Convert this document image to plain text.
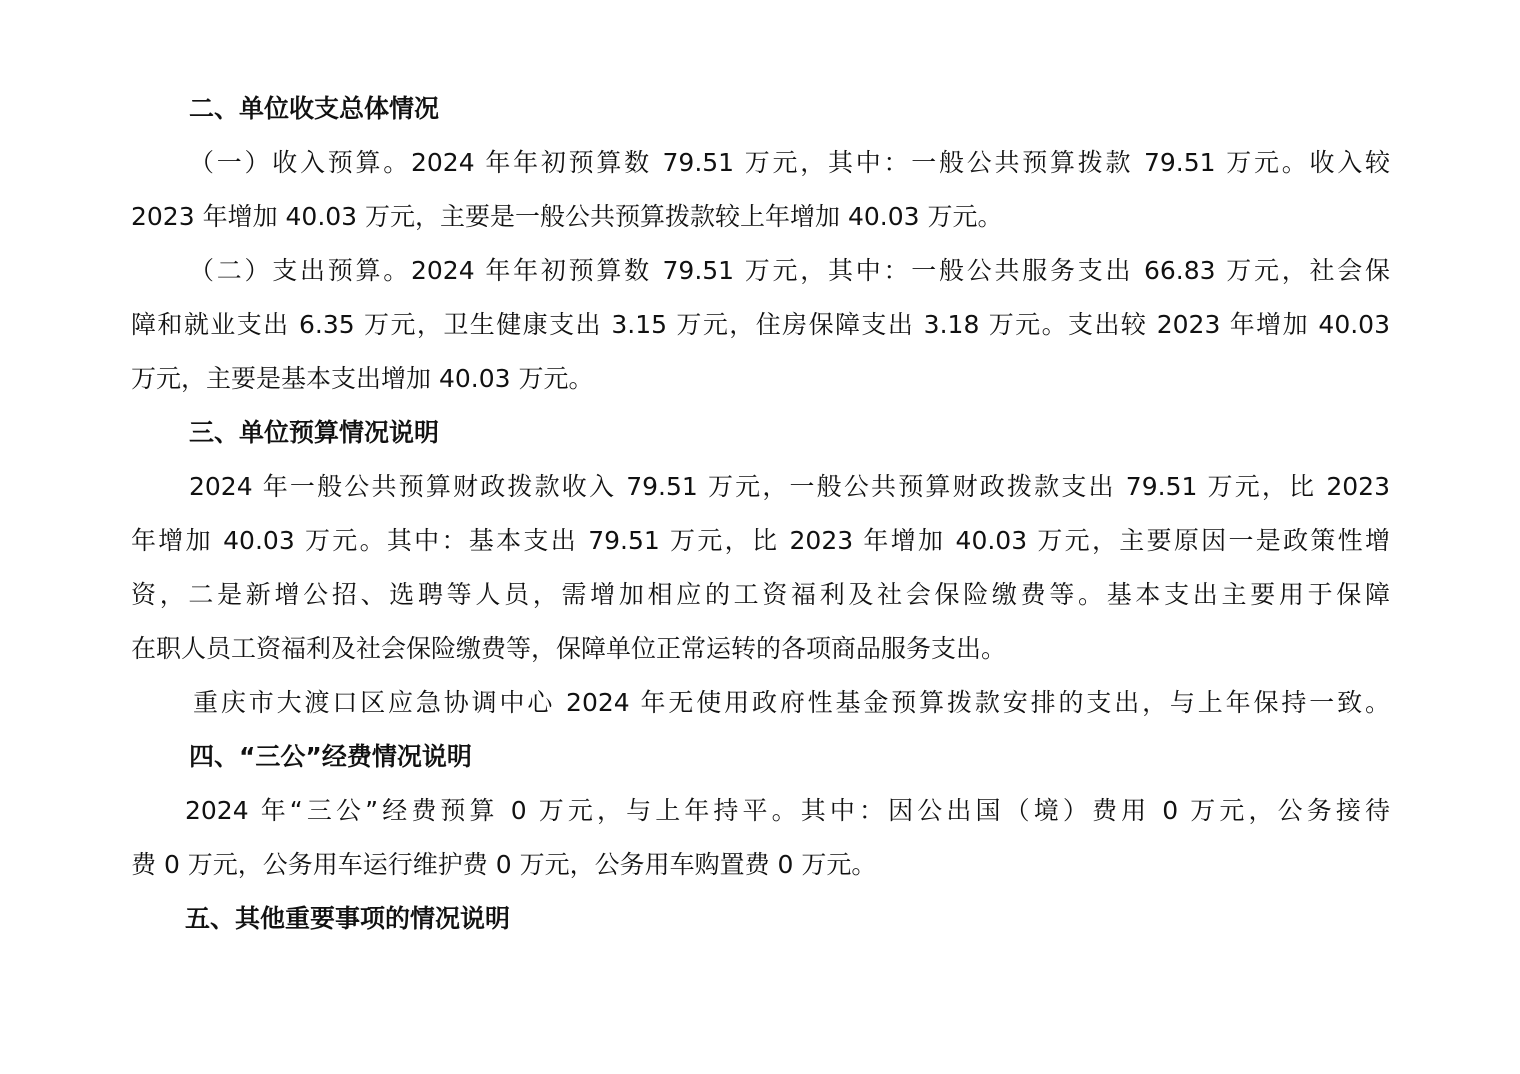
二、单位收支总体情况
（一）收入预算。2024 年年初预算数 79.51 万元，其中：一般公共预算拨款 79.51 万元。收入较
2023 年增加 40.03 万元，主要是一般公共预算拨款较上年增加 40.03 万元。
（二）支出预算。2024 年年初预算数 79.51 万元，其中：一般公共服务支出 66.83 万元，社会保
障和就业支出 6.35 万元，卫生健康支出 3.15 万元，住房保障支出 3.18 万元。支出较 2023 年增加 40.03
万元，主要是基本支出增加 40.03 万元。
三、单位预算情况说明
2024 年一般公共预算财政拨款收入 79.51 万元，一般公共预算财政拨款支出 79.51 万元，比 2023
年增加 40.03 万元。其中：基本支出 79.51 万元，比 2023 年增加 40.03 万元，主要原因一是政策性增
资，二是新增公招、选聘等人员，需增加相应的工资福利及社会保险缴费等。基本支出主要用于保障
在职人员工资福利及社会保险缴费等，保障单位正常运转的各项商品服务支出。
重庆市大渡口区应急协调中心 2024 年无使用政府性基金预算拨款安排的支出，与上年保持一致。
四、“三公”经费情况说明
2024 年“三公”经费预算 0 万元，与上年持平。其中：因公出国（境）费用 0 万元，公务接待
费 0 万元，公务用车运行维护费 0 万元，公务用车购置费 0 万元。
五、其他重要事项的情况说明
